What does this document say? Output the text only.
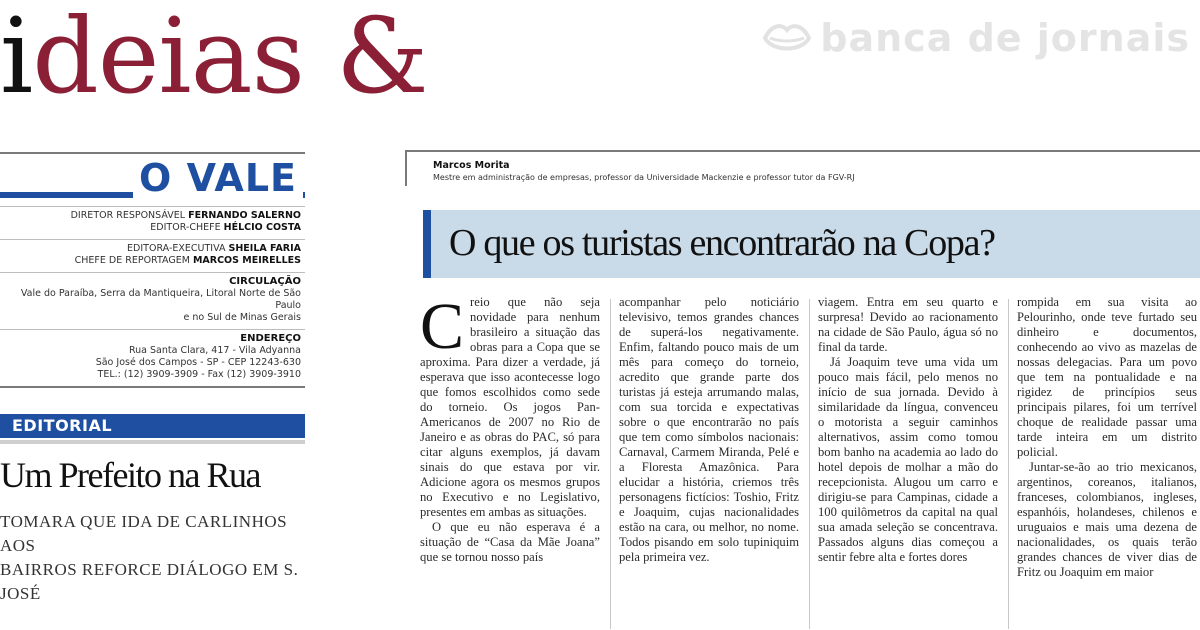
ideias &	banca de jornais
O VALE
DIRETOR RESPONSÁVEL FERNANDO SALERNO
EDITOR-CHEFE HÉLCIO COSTA
EDITORA-EXECUTIVA SHEILA FARIA
CHEFE DE REPORTAGEM MARCOS MEIRELLES
CIRCULAÇÃO
Vale do Paraíba, Serra da Mantiqueira, Litoral Norte de São Paulo
e no Sul de Minas Gerais
ENDEREÇO
Rua Santa Clara, 417 - Vila Adyanna
São José dos Campos - SP - CEP 12243-630
TEL.: (12) 3909-3909 - Fax (12) 3909-3910
EDITORIAL
Um Prefeito na Rua
TOMARA QUE IDA DE CARLINHOS AOS
BAIRROS REFORCE DIÁLOGO EM S. JOSÉ
Marcos Morita
Mestre em administração de empresas, professor da Universidade Mackenzie e professor tutor da FGV-RJ
O que os turistas encontrarão na Copa?
C reio que não seja novidade para nenhum brasileiro a situação das obras para a Copa que se aproxima. Para dizer a verdade, já esperava que isso acontecesse logo que fomos escolhidos como sede do torneio. Os jogos Pan-Americanos de 2007 no Rio de Janeiro e as obras do PAC, só para citar alguns exemplos, já davam sinais do que estava por vir. Adicione agora os mesmos grupos no Executivo e no Legislativo, presentes em ambas as situações.

O que eu não esperava é a situação de “Casa da Mãe Joana” que se tornou nosso país

acompanhar pelo noticiário televisivo, temos grandes chances de superá-los negativamente. Enfim, faltando pouco mais de um mês para começo do torneio, acredito que grande parte dos turistas já esteja arrumando malas, com sua torcida e expectativas sobre o que encontrarão no país que tem como símbolos nacionais: Carnaval, Carmem Miranda, Pelé e a Floresta Amazônica. Para elucidar a história, criemos três personagens fictícios: Toshio, Fritz e Joaquim, cujas nacionalidades estão na cara, ou melhor, no nome. Todos pisando em solo tupiniquim pela primeira vez.

viagem. Entra em seu quarto e surpresa! Devido ao racionamento na cidade de São Paulo, água só no final da tarde.

Já Joaquim teve uma vida um pouco mais fácil, pelo menos no início de sua jornada. Devido à similaridade da língua, convenceu o motorista a seguir caminhos alternativos, assim como tomou bom banho na academia ao lado do hotel depois de molhar a mão do recepcionista. Alugou um carro e dirigiu-se para Campinas, cidade a 100 quilômetros da capital na qual sua amada seleção se concentrava. Passados alguns dias começou a sentir febre alta e fortes dores

rompida em sua visita ao Pelourinho, onde teve furtado seu dinheiro e documentos, conhecendo ao vivo as mazelas de nossas delegacias. Para um povo que tem na pontualidade e na rigidez de princípios seus principais pilares, foi um terrível choque de realidade passar uma tarde inteira em um distrito policial.

Juntar-se-ão ao trio mexicanos, argentinos, coreanos, italianos, franceses, colombianos, ingleses, espanhóis, holandeses, chilenos e uruguaios e mais uma dezena de nacionalidades, os quais terão grandes chances de viver dias de Fritz ou Joaquim em maior
